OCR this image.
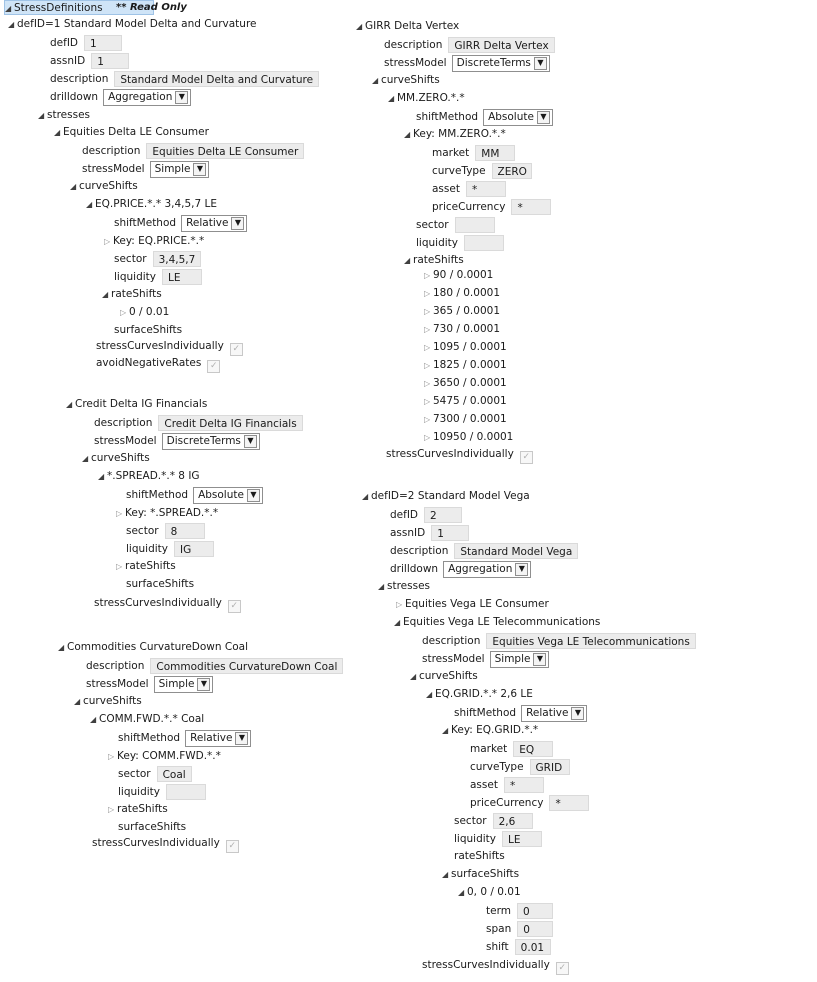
◢ StressDefinitions	** Read Only
◢ defID=1 Standard Model Delta and Curvature
defID 1
assnID 1
description Standard Model Delta and Curvature
drilldown Aggregation ▼
◢ stresses
◢ Equities Delta LE Consumer
description Equities Delta LE Consumer
stressModel Simple ▼
◢ curveShifts
◢ EQ.PRICE.*.* 3,4,5,7 LE
shiftMethod Relative ▼
▷ Key: EQ.PRICE.*.*
sector 3,4,5,7
liquidity LE
◢ rateShifts
▷ 0 / 0.01
surfaceShifts
stressCurvesIndividually ✓
avoidNegativeRates ✓
◢ Credit Delta IG Financials
description Credit Delta IG Financials
stressModel DiscreteTerms ▼
◢ curveShifts
◢ *.SPREAD.*.* 8 IG
shiftMethod Absolute ▼
▷ Key: *.SPREAD.*.*
sector 8
liquidity IG
▷ rateShifts
surfaceShifts
stressCurvesIndividually ✓
◢ Commodities CurvatureDown Coal
description Commodities CurvatureDown Coal
stressModel Simple ▼
◢ curveShifts
◢ COMM.FWD.*.* Coal
shiftMethod Relative ▼
▷ Key: COMM.FWD.*.*
sector Coal
liquidity
▷ rateShifts
surfaceShifts
stressCurvesIndividually ✓
◢ GIRR Delta Vertex
description GIRR Delta Vertex
stressModel DiscreteTerms ▼
◢ curveShifts
◢ MM.ZERO.*.*
shiftMethod Absolute ▼
◢ Key: MM.ZERO.*.*
market MM
curveType ZERO
asset *
priceCurrency *
sector
liquidity
◢ rateShifts
▷ 90 / 0.0001
▷ 180 / 0.0001
▷ 365 / 0.0001
▷ 730 / 0.0001
▷ 1095 / 0.0001
▷ 1825 / 0.0001
▷ 3650 / 0.0001
▷ 5475 / 0.0001
▷ 7300 / 0.0001
▷ 10950 / 0.0001
stressCurvesIndividually ✓
◢ defID=2 Standard Model Vega
defID 2
assnID 1
description Standard Model Vega
drilldown Aggregation ▼
◢ stresses
▷ Equities Vega LE Consumer
◢ Equities Vega LE Telecommunications
description Equities Vega LE Telecommunications
stressModel Simple ▼
◢ curveShifts
◢ EQ.GRID.*.* 2,6 LE
shiftMethod Relative ▼
◢ Key: EQ.GRID.*.*
market EQ
curveType GRID
asset *
priceCurrency *
sector 2,6
liquidity LE
rateShifts
◢ surfaceShifts
◢ 0, 0 / 0.01
term 0
span 0
shift 0.01
stressCurvesIndividually ✓
